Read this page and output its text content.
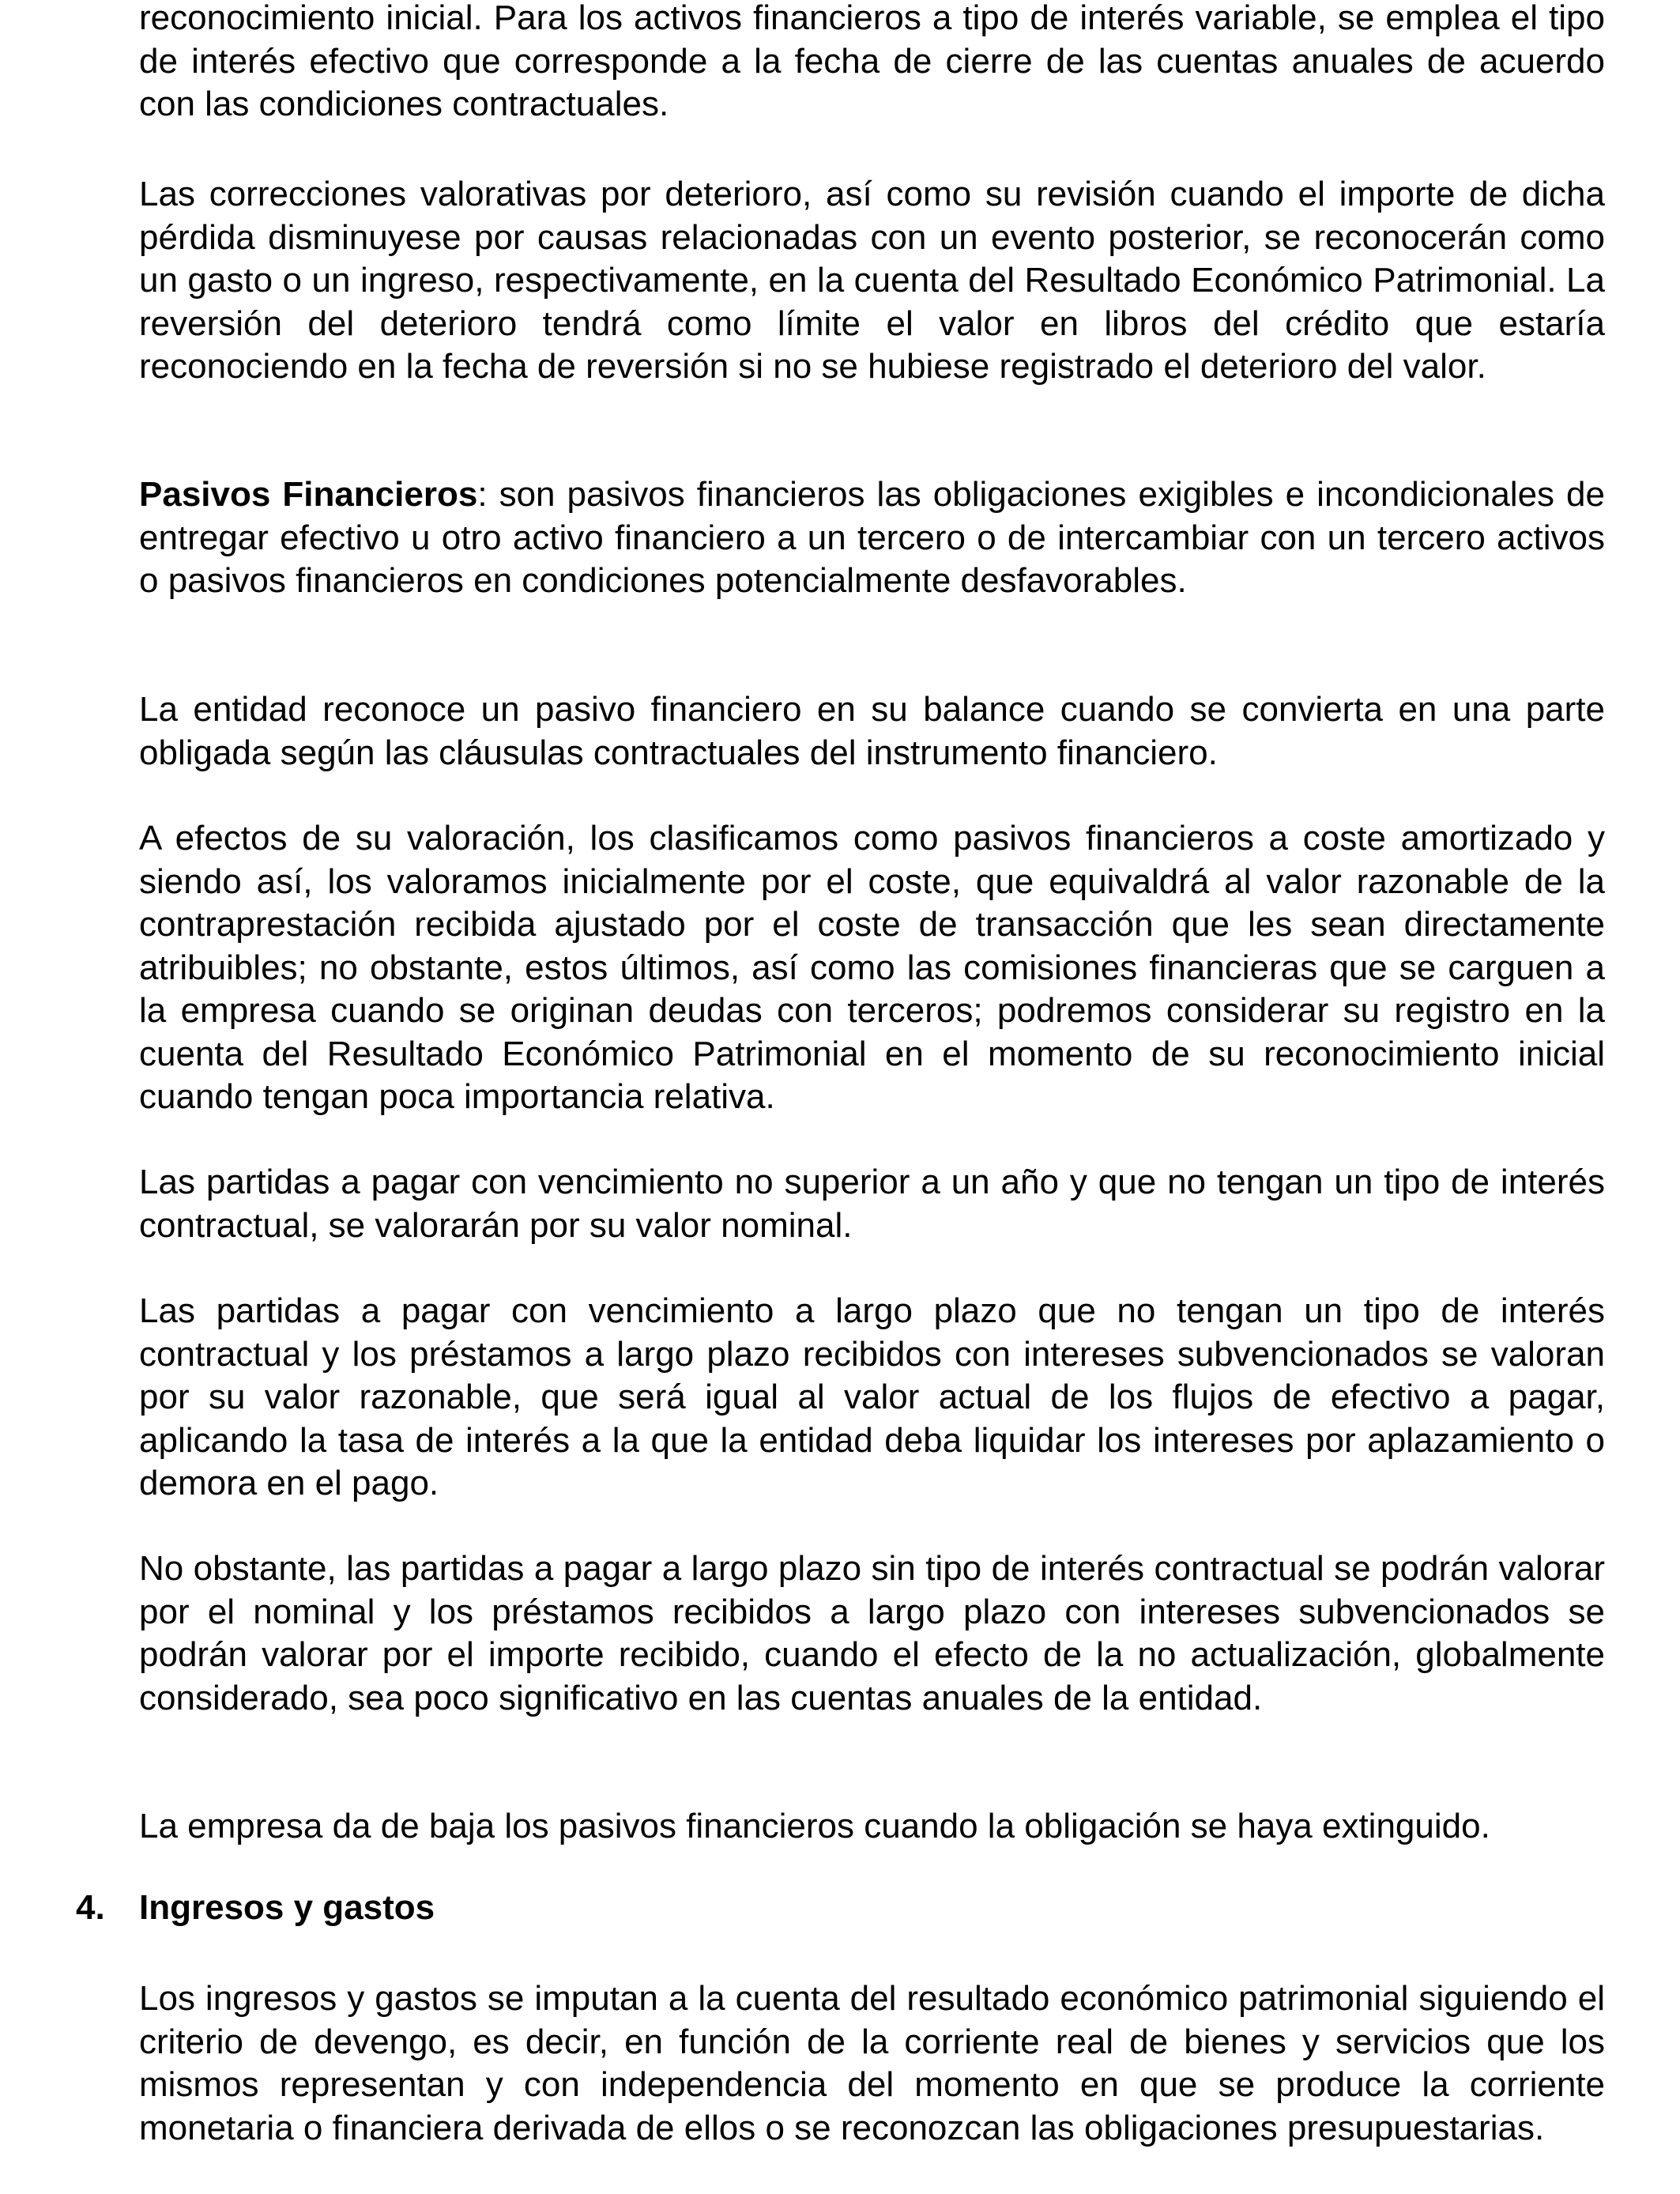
reconocimiento inicial. Para los activos financieros a tipo de interés variable, se emplea el tipo de interés efectivo que corresponde a la fecha de cierre de las cuentas anuales de acuerdo con las condiciones contractuales.

Las correcciones valorativas por deterioro, así como su revisión cuando el importe de dicha pérdida disminuyese por causas relacionadas con un evento posterior, se reconocerán como un gasto o un ingreso, respectivamente, en la cuenta del Resultado Económico Patrimonial. La reversión del deterioro tendrá como límite el valor en libros del crédito que estaría reconociendo en la fecha de reversión si no se hubiese registrado el deterioro del valor.

Pasivos Financieros: son pasivos financieros las obligaciones exigibles e incondicionales de entregar efectivo u otro activo financiero a un tercero o de intercambiar con un tercero activos o pasivos financieros en condiciones potencialmente desfavorables.

La entidad reconoce un pasivo financiero en su balance cuando se convierta en una parte obligada según las cláusulas contractuales del instrumento financiero.

A efectos de su valoración, los clasificamos como pasivos financieros a coste amortizado y siendo así, los valoramos inicialmente por el coste, que equivaldrá al valor razonable de la contraprestación recibida ajustado por el coste de transacción que les sean directamente atribuibles; no obstante, estos últimos, así como las comisiones financieras que se carguen a la empresa cuando se originan deudas con terceros; podremos considerar su registro en la cuenta del Resultado Económico Patrimonial en el momento de su reconocimiento inicial cuando tengan poca importancia relativa.

Las partidas a pagar con vencimiento no superior a un año y que no tengan un tipo de interés contractual, se valorarán por su valor nominal.

Las partidas a pagar con vencimiento a largo plazo que no tengan un tipo de interés contractual y los préstamos a largo plazo recibidos con intereses subvencionados se valoran por su valor razonable, que será igual al valor actual de los flujos de efectivo a pagar, aplicando la tasa de interés a la que la entidad deba liquidar los intereses por aplazamiento o demora en el pago.

No obstante, las partidas a pagar a largo plazo sin tipo de interés contractual se podrán valorar por el nominal y los préstamos recibidos a largo plazo con intereses subvencionados se podrán valorar por el importe recibido, cuando el efecto de la no actualización, globalmente considerado, sea poco significativo en las cuentas anuales de la entidad.

La empresa da de baja los pasivos financieros cuando la obligación se haya extinguido.

4. Ingresos y gastos

Los ingresos y gastos se imputan a la cuenta del resultado económico patrimonial siguiendo el criterio de devengo, es decir, en función de la corriente real de bienes y servicios que los mismos representan y con independencia del momento en que se produce la corriente monetaria o financiera derivada de ellos o se reconozcan las obligaciones presupuestarias.
